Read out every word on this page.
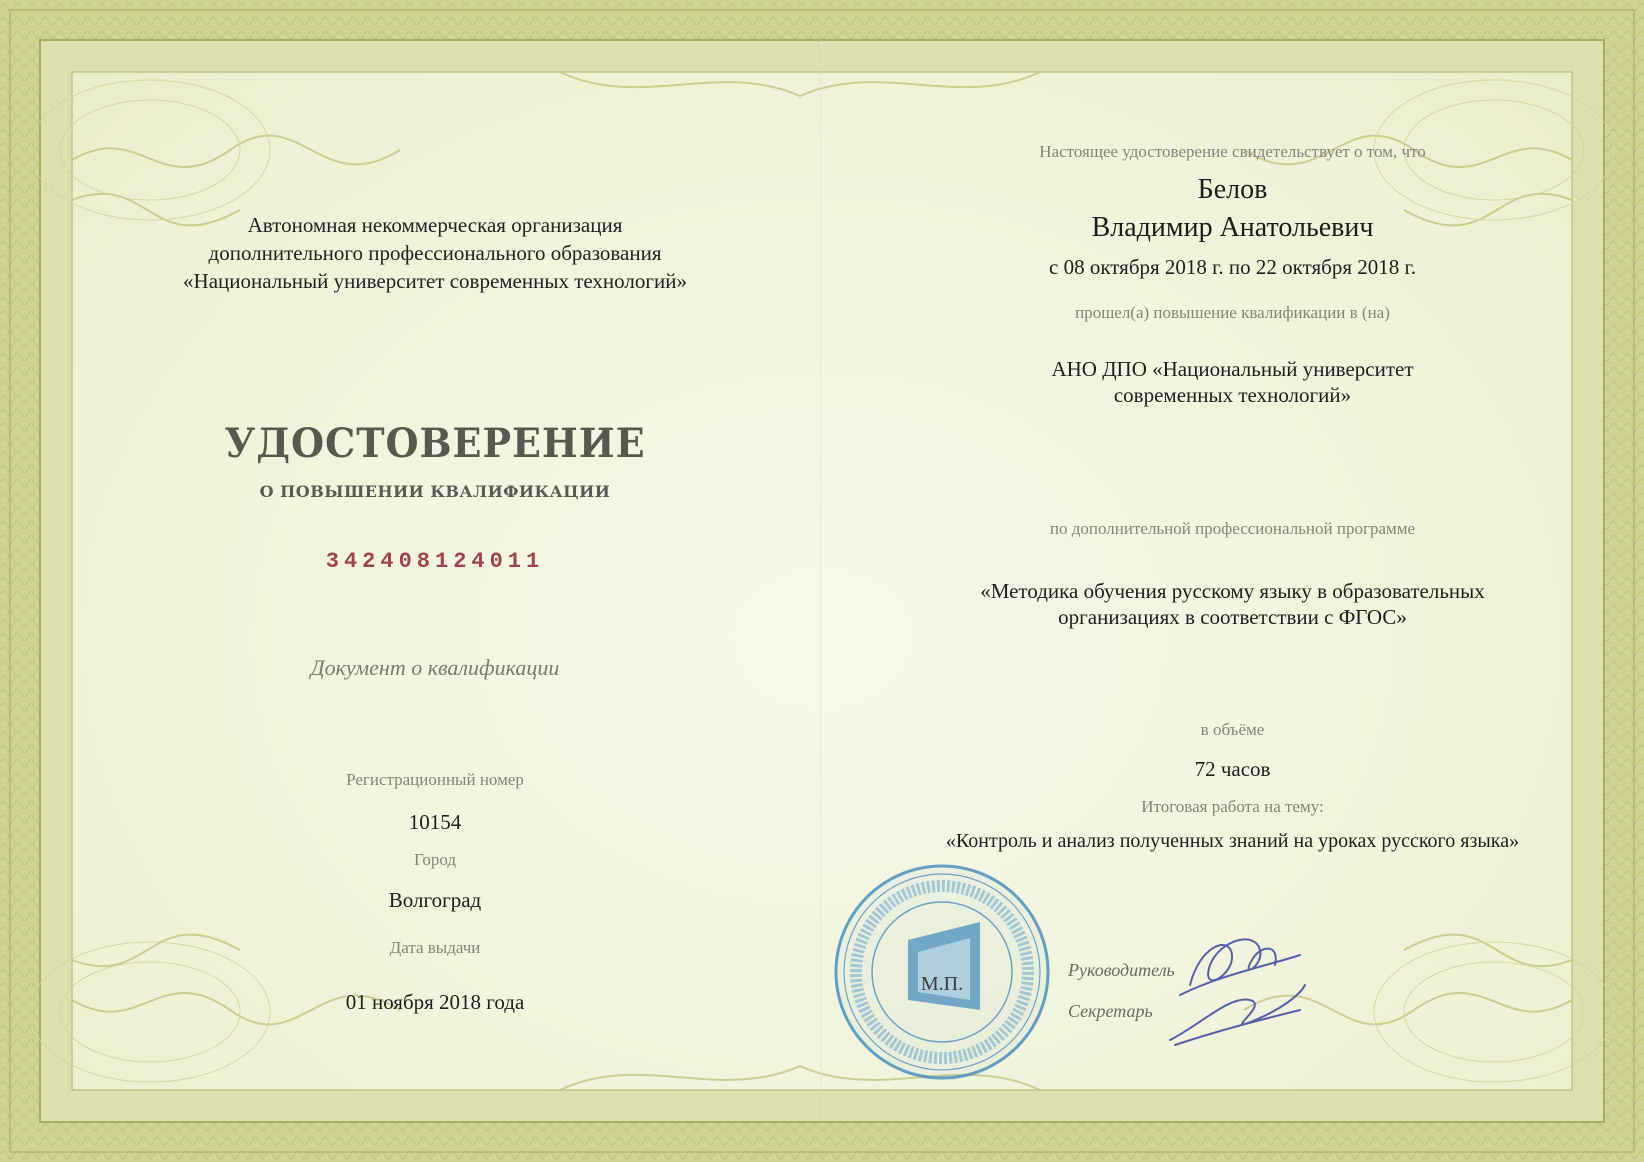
Автономная некоммерческая организация
дополнительного профессионального образования
«Национальный университет современных технологий»
УДОСТОВЕРЕНИЕ
О ПОВЫШЕНИИ КВАЛИФИКАЦИИ
342408124011
Документ о квалификации
Регистрационный номер
10154
Город
Волгоград
Дата выдачи
01 ноября 2018 года
Настоящее удостоверение свидетельствует о том, что
Белов
Владимир Анатольевич
с 08 октября 2018 г. по 22 октября 2018 г.
прошел(а) повышение квалификации в (на)
АНО ДПО «Национальный университет
современных технологий»
по дополнительной профессиональной программе
«Методика обучения русскому языку в образовательных
организациях в соответствии с ФГОС»
в объёме
72 часов
Итоговая работа на тему:
«Контроль и анализ полученных знаний на уроках русского языка»
М.П.
Руководитель
Секретарь
